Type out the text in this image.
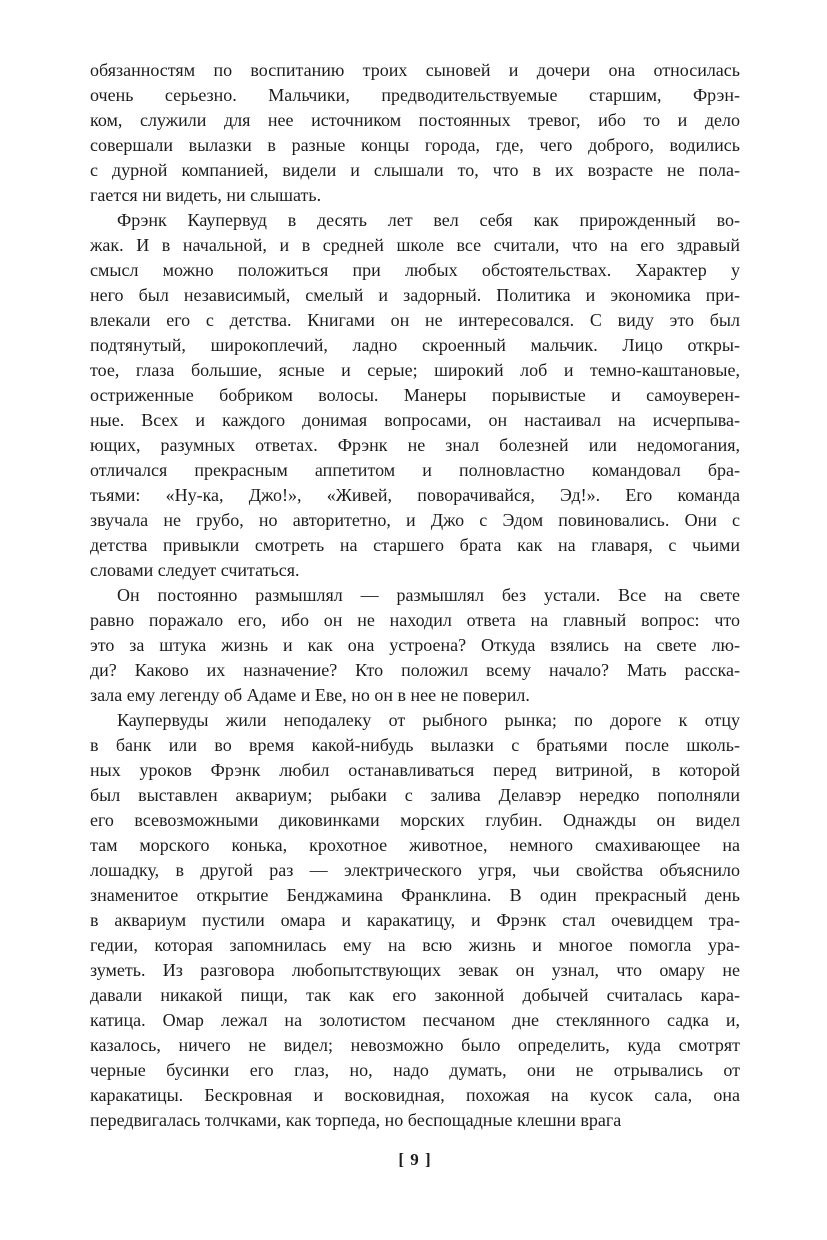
обязанностям по воспитанию троих сыновей и дочери она относилась
очень серьезно. Мальчики, предводительствуемые старшим, Фрэн-
ком, служили для нее источником постоянных тревог, ибо то и дело
совершали вылазки в разные концы города, где, чего доброго, водились
с дурной компанией, видели и слышали то, что в их возрасте не пола-
гается ни видеть, ни слышать.
Фрэнк Каупервуд в десять лет вел себя как прирожденный во-
жак. И в начальной, и в средней школе все считали, что на его здравый
смысл можно положиться при любых обстоятельствах. Характер у
него был независимый, смелый и задорный. Политика и экономика при-
влекали его с детства. Книгами он не интересовался. С виду это был
подтянутый, широкоплечий, ладно скроенный мальчик. Лицо откры-
тое, глаза большие, ясные и серые; широкий лоб и темно-каштановые,
остриженные бобриком волосы. Манеры порывистые и самоуверен-
ные. Всех и каждого донимая вопросами, он настаивал на исчерпыва-
ющих, разумных ответах. Фрэнк не знал болезней или недомогания,
отличался прекрасным аппетитом и полновластно командовал бра-
тьями: «Ну-ка, Джо!», «Живей, поворачивайся, Эд!». Его команда
звучала не грубо, но авторитетно, и Джо с Эдом повиновались. Они с
детства привыкли смотреть на старшего брата как на главаря, с чьими
словами следует считаться.
Он постоянно размышлял — размышлял без устали. Все на свете
равно поражало его, ибо он не находил ответа на главный вопрос: что
это за штука жизнь и как она устроена? Откуда взялись на свете лю-
ди? Каково их назначение? Кто положил всему начало? Мать расска-
зала ему легенду об Адаме и Еве, но он в нее не поверил.
Каупервуды жили неподалеку от рыбного рынка; по дороге к отцу
в банк или во время какой-нибудь вылазки с братьями после школь-
ных уроков Фрэнк любил останавливаться перед витриной, в которой
был выставлен аквариум; рыбаки с залива Делавэр нередко пополняли
его всевозможными диковинками морских глубин. Однажды он видел
там морского конька, крохотное животное, немного смахивающее на
лошадку, в другой раз — электрического угря, чьи свойства объяснило
знаменитое открытие Бенджамина Франклина. В один прекрасный день
в аквариум пустили омара и каракатицу, и Фрэнк стал очевидцем тра-
гедии, которая запомнилась ему на всю жизнь и многое помогла ура-
зуметь. Из разговора любопытствующих зевак он узнал, что омару не
давали никакой пищи, так как его законной добычей считалась кара-
катица. Омар лежал на золотистом песчаном дне стеклянного садка и,
казалось, ничего не видел; невозможно было определить, куда смотрят
черные бусинки его глаз, но, надо думать, они не отрывались от
каракатицы. Бескровная и восковидная, похожая на кусок сала, она
передвигалась толчками, как торпеда, но беспощадные клешни врага
[ 9 ]
